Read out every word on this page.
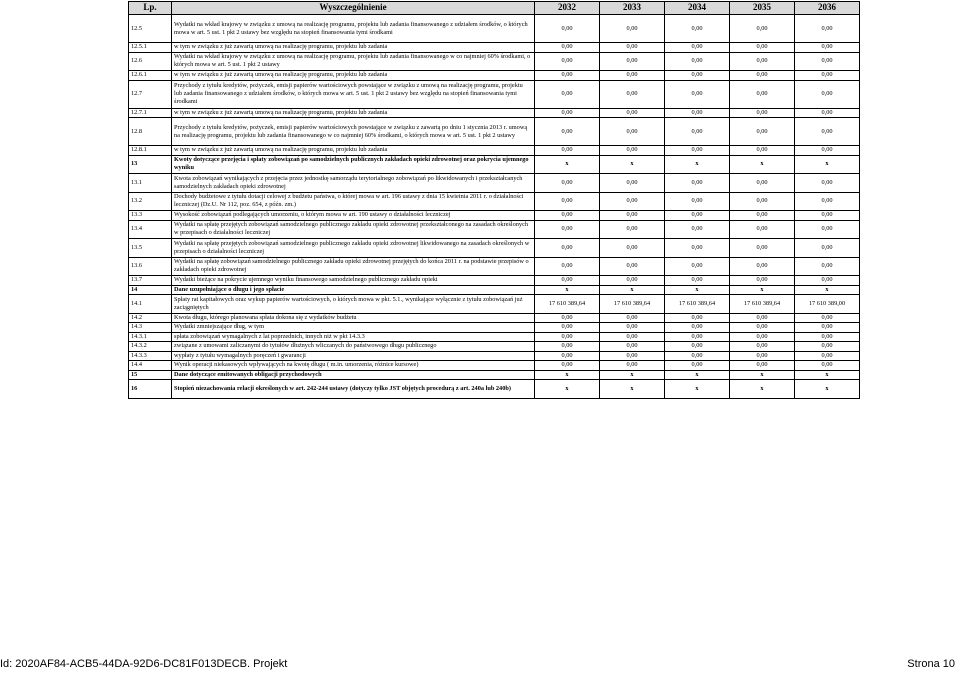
Lp.	Wyszczególnienie	2032	2033	2034	2035	2036
12.5	Wydatki na wkład krajowy w związku z umową na realizację programu, projektu lub zadania finansowanego z udziałem środków, o których mowa w art. 5 ust. 1 pkt 2 ustawy bez względu na stopień finansowania tymi środkami	0,00	0,00	0,00	0,00	0,00
12.5.1	w tym w związku z już zawartą umową na realizację programu, projektu lub zadania	0,00	0,00	0,00	0,00	0,00
12.6	Wydatki na wkład krajowy w związku z umową na realizację programu, projektu lub zadania finansowanego w co najmniej 60% środkami, o których mowa w art. 5 ust. 1 pkt 2 ustawy	0,00	0,00	0,00	0,00	0,00
12.6.1	w tym w związku z już zawartą umową na realizację programu, projektu lub zadania	0,00	0,00	0,00	0,00	0,00
12.7	Przychody z tytułu kredytów, pożyczek, emisji papierów wartościowych powstające w związku z umową na realizację programu, projektu lub zadania finansowanego z udziałem środków, o których mowa w art. 5 ust. 1 pkt 2 ustawy bez względu na stopień finansowania tymi środkami	0,00	0,00	0,00	0,00	0,00
12.7.1	w tym w związku z już zawartą umową na realizację programu, projektu lub zadania	0,00	0,00	0,00	0,00	0,00
12.8	Przychody z tytułu kredytów, pożyczek, emisji papierów wartościowych powstające w związku z zawartą po dniu 1 stycznia 2013 r. umową na realizację programu, projektu lub zadania finansowanego w co najmniej 60% środkami, o których mowa w art. 5 ust. 1 pkt 2 ustawy	0,00	0,00	0,00	0,00	0,00
12.8.1	w tym w związku z już zawartą umową na realizację programu, projektu lub zadania	0,00	0,00	0,00	0,00	0,00
13	Kwoty dotyczące przejęcia i spłaty zobowiązań po samodzielnych publicznych zakładach opieki zdrowotnej oraz pokrycia ujemnego wyniku	x	x	x	x	x
13.1	Kwota zobowiązań wynikających z przejęcia przez jednostkę samorządu terytorialnego zobowiązań po likwidowanych i przekształcanych samodzielnych zakładach opieki zdrowotnej	0,00	0,00	0,00	0,00	0,00
13.2	Dochody budżetowe z tytułu dotacji celowej z budżetu państwa, o której mowa w art. 196 ustawy z dnia 15 kwietnia 2011 r. o działalności leczniczej (Dz.U. Nr 112, poz. 654, z późn. zm.)	0,00	0,00	0,00	0,00	0,00
13.3	Wysokość zobowiązań podlegających umorzeniu, o którym mowa w art. 190 ustawy o działalności leczniczej	0,00	0,00	0,00	0,00	0,00
13.4	Wydatki na spłatę przejętych zobowiązań samodzielnego publicznego zakładu opieki zdrowotnej przekształconego na zasadach określonych w przepisach o działalności leczniczej	0,00	0,00	0,00	0,00	0,00
13.5	Wydatki na spłatę przejętych zobowiązań samodzielnego publicznego zakładu opieki zdrowotnej likwidowanego na zasadach określonych w przepisach o działalności leczniczej	0,00	0,00	0,00	0,00	0,00
13.6	Wydatki na spłatę zobowiązań samodzielnego publicznego zakładu opieki zdrowotnej przejętych do końca 2011 r. na podstawie przepisów o zakładach opieki zdrowotnej	0,00	0,00	0,00	0,00	0,00
13.7	Wydatki bieżące na pokrycie ujemnego wyniku finansowego samodzielnego publicznego zakładu opieki	0,00	0,00	0,00	0,00	0,00
14	Dane uzupełniające o długu i jego spłacie	x	x	x	x	x
14.1	Spłaty rat kapitałowych oraz wykup papierów wartościowych, o których mowa w pkt. 5.1., wynikające wyłącznie z tytułu zobowiązań już zaciągniętych	17 610 389,64	17 610 389,64	17 610 389,64	17 610 389,64	17 610 389,00
14.2	Kwota długu, którego planowana spłata dokona się z wydatków budżetu	0,00	0,00	0,00	0,00	0,00
14.3	Wydatki zmniejszające dług, w tym	0,00	0,00	0,00	0,00	0,00
14.3.1	spłata zobowiązań wymagalnych z lat poprzednich, innych niż w pkt 14.3.3	0,00	0,00	0,00	0,00	0,00
14.3.2	związane z umowami zaliczanymi do tytułów dłużnych wliczanych do państwowego długu publicznego	0,00	0,00	0,00	0,00	0,00
14.3.3	wypłaty z tytułu wymagalnych poręczeń i gwarancji	0,00	0,00	0,00	0,00	0,00
14.4	Wynik operacji niekasowych wpływających na kwotę długu ( m.in. umorzenia, różnice kursowe)	0,00	0,00	0,00	0,00	0,00
15	Dane dotyczące emitowanych obligacji przychodowych	x	x	x	x	x
16	Stopień niezachowania relacji określonych w art. 242-244 ustawy (dotyczy tylko JST objętych procedurą z art. 240a lub 240b)	x	x	x	x	x
Id: 2020AF84-ACB5-44DA-92D6-DC81F013DECB. Projekt	Strona 10
